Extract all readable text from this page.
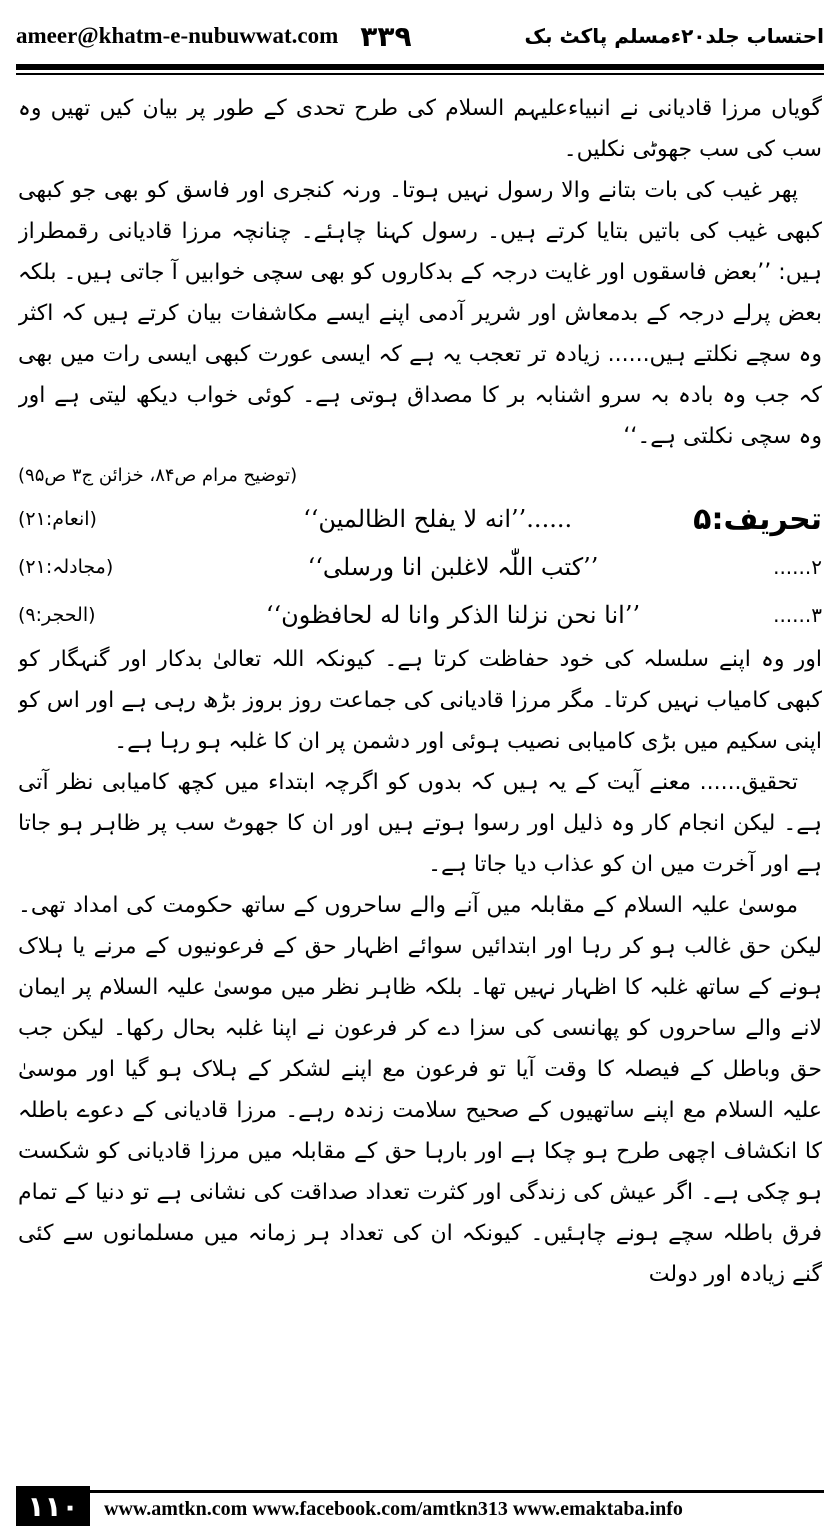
ameer@khatm-e-nubuwwat.com ۳۳۹	احتساب جلد۲۰ءمسلم پاکٹ بک

گویاں مرزا قادیانی نے انبیاءعلیہم السلام کی طرح تحدی کے طور پر بیان کیں تھیں وہ سب کی سب جھوٹی نکلیں۔

پھر غیب کی بات بتانے والا رسول نہیں ہوتا۔ ورنہ کنجری اور فاسق کو بھی جو کبھی کبھی غیب کی باتیں بتایا کرتے ہیں۔ رسول کہنا چاہئے۔ چنانچہ مرزا قادیانی رقمطراز ہیں: ’’بعض فاسقوں اور غایت درجہ کے بدکاروں کو بھی سچی خوابیں آ جاتی ہیں۔ بلکہ بعض پرلے درجہ کے بدمعاش اور شریر آدمی اپنے ایسے مکاشفات بیان کرتے ہیں کہ اکثر وہ سچے نکلتے ہیں...... زیادہ تر تعجب یہ ہے کہ ایسی عورت کبھی ایسی رات میں بھی کہ جب وہ بادہ بہ سرو اشنابہ بر کا مصداق ہوتی ہے۔ کوئی خواب دیکھ لیتی ہے اور وہ سچی نکلتی ہے۔‘‘

(توضیح مرام ص۸۴، خزائن ج۳ ص۹۵)
تحریف:۵
......’’انه لا یفلح الظالمین‘‘
(انعام:۲۱)
۲......
’’کتب اللّٰہ لاغلبن انا ورسلی‘‘
(مجادلہ:۲۱)
۳......
’’انا نحن نزلنا الذکر وانا له لحافظون‘‘
(الحجر:۹)

اور وہ اپنے سلسلہ کی خود حفاظت کرتا ہے۔ کیونکہ اللہ تعالیٰ بدکار اور گنہگار کو کبھی کامیاب نہیں کرتا۔ مگر مرزا قادیانی کی جماعت روز بروز بڑھ رہی ہے اور اس کو اپنی سکیم میں بڑی کامیابی نصیب ہوئی اور دشمن پر ان کا غلبہ ہو رہا ہے۔

تحقیق...... معنے آیت کے یہ ہیں کہ بدوں کو اگرچہ ابتداء میں کچھ کامیابی نظر آتی ہے۔ لیکن انجام کار وہ ذلیل اور رسوا ہوتے ہیں اور ان کا جھوٹ سب پر ظاہر ہو جاتا ہے اور آخرت میں ان کو عذاب دیا جاتا ہے۔

موسیٰ علیہ السلام کے مقابلہ میں آنے والے ساحروں کے ساتھ حکومت کی امداد تھی۔ لیکن حق غالب ہو کر رہا اور ابتدائیں سوائے اظہار حق کے فرعونیوں کے مرنے یا ہلاک ہونے کے ساتھ غلبہ کا اظہار نہیں تھا۔ بلکہ ظاہر نظر میں موسیٰ علیہ السلام پر ایمان لانے والے ساحروں کو پھانسی کی سزا دے کر فرعون نے اپنا غلبہ بحال رکھا۔ لیکن جب حق وباطل کے فیصلہ کا وقت آیا تو فرعون مع اپنے لشکر کے ہلاک ہو گیا اور موسیٰ علیہ السلام مع اپنے ساتھیوں کے صحیح سلامت زندہ رہے۔ مرزا قادیانی کے دعوے باطلہ کا انکشاف اچھی طرح ہو چکا ہے اور بارہا حق کے مقابلہ میں مرزا قادیانی کو شکست ہو چکی ہے۔ اگر عیش کی زندگی اور کثرت تعداد صداقت کی نشانی ہے تو دنیا کے تمام فرق باطلہ سچے ہونے چاہئیں۔ کیونکہ ان کی تعداد ہر زمانہ میں مسلمانوں سے کئی گنے زیادہ اور دولت

۱۱۰	www.amtkn.com www.facebook.com/amtkn313 www.emaktaba.info
